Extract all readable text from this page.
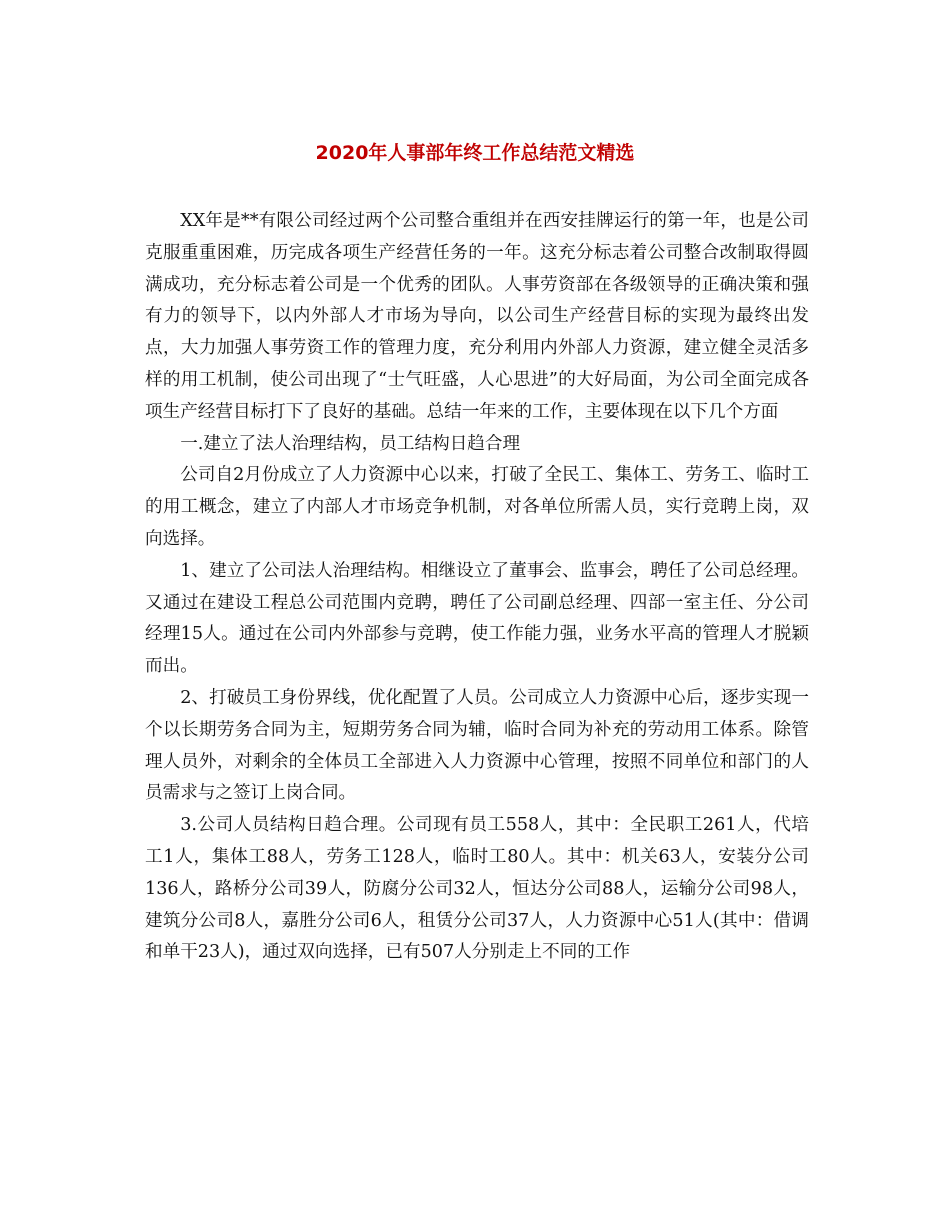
2020年人事部年终工作总结范文精选

XX年是**有限公司经过两个公司整合重组并在西安挂牌运行的第一年，也是公司克服重重困难，历完成各项生产经营任务的一年。这充分标志着公司整合改制取得圆满成功，充分标志着公司是一个优秀的团队。人事劳资部在各级领导的正确决策和强有力的领导下，以内外部人才市场为导向，以公司生产经营目标的实现为最终出发点，大力加强人事劳资工作的管理力度，充分利用内外部人力资源，建立健全灵活多样的用工机制，使公司出现了“士气旺盛，人心思进”的大好局面，为公司全面完成各项生产经营目标打下了良好的基础。总结一年来的工作，主要体现在以下几个方面

一.建立了法人治理结构，员工结构日趋合理

公司自2月份成立了人力资源中心以来，打破了全民工、集体工、劳务工、临时工的用工概念，建立了内部人才市场竞争机制，对各单位所需人员，实行竞聘上岗，双向选择。

1、建立了公司法人治理结构。相继设立了董事会、监事会，聘任了公司总经理。又通过在建设工程总公司范围内竞聘，聘任了公司副总经理、四部一室主任、分公司经理15人。通过在公司内外部参与竞聘，使工作能力强，业务水平高的管理人才脱颖而出。

2、打破员工身份界线，优化配置了人员。公司成立人力资源中心后，逐步实现一个以长期劳务合同为主，短期劳务合同为辅，临时合同为补充的劳动用工体系。除管理人员外，对剩余的全体员工全部进入人力资源中心管理，按照不同单位和部门的人员需求与之签订上岗合同。

3.公司人员结构日趋合理。公司现有员工558人，其中：全民职工261人，代培工1人，集体工88人，劳务工128人，临时工80人。其中：机关63人，安装分公司136人，路桥分公司39人，防腐分公司32人，恒达分公司88人，运输分公司98人，建筑分公司8人，嘉胜分公司6人，租赁分公司37人，人力资源中心51人(其中：借调和单干23人)，通过双向选择，已有507人分别走上不同的工作
